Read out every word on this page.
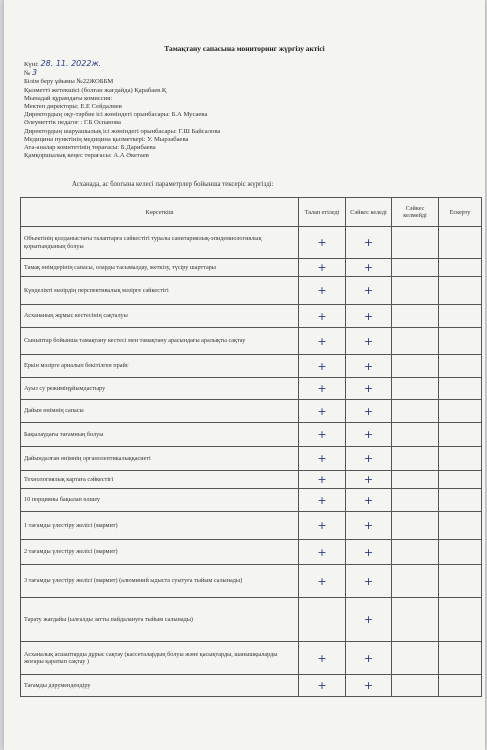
Тамақтану сапасына мониторинг жүргізу актісі
Күні: 28. 11. 2022ж.
№ 3
Білім беру ұйымы №22ЖОББМ
Қызметті жетекшісі (болған жағдайда) Қарабаев.Қ
Мынадай құрамдағы комиссия:
Мектеп директоры: Е.Е Сейдалиев
Директордың оқу-тәрбие ісі жөніндегі орынбасары: Б.А Мусаева
Әлеуметтік педагог : Г.Б Оспанова
Директордың шаруашылық ісі жөніндегі орынбасары: Г.Ш Байсалова
Медицина пунктінің медицина қызметкері: У. Мырзабаева
Ата-аналар комитетінің төрағасы: Б.Дарибаева
Қамқоршылық кеңес төрағасы: А.А Әкетаев
Асханада, ас блогына келесі параметрлер бойынша тексеріс жүргізді:
Көрсеткіш	Талап етіледі	Сәйкес келеді	Сәйкес келмейді	Ескерту
Объектінің қолданыстағы талаптарға сәйкестігі туралы санитариялық-эпидемиологиялық қорытындының болуы	+	+		
Тамақ өнімдерінің сапасы, оларды тасымалдау, жеткізу, түсіру шарттары	+	+		
Күнделікті мәзірдің перспективалық мәзірге сәйкестігі	+	+		
Асхананың жұмыс кестесінің сақталуы	+	+		
Сыныптар бойынша тамақтану кестесі мен тамақтану арасындағы аралықты сақтау	+	+		
Еркін мәзірге арналып бекітілген прайс	+	+		
Ауыз су режиміңұйымдастыру	+	+		
Дайын өнімнің сапасы	+	+		
Бақылаудағы тағамның болуы	+	+		
Дайындалған өнімнің органолептикалыққасиеті	+	+		
Технологиялық картаға сәйкестігі	+	+		
10 порцияны бақылап өлшеу	+	+		
1 тағамды үлестіру желісі (мармит)	+	+		
2 тағамды үлестіру желісі (мармит)	+	+		
3 тағамды үлестіру желісі (мармит) (алюминий ыдыста суытуға тыйым салынады)	+	+		
Тарату жағдайы (ылғалды затты пайдалануға тыйым салынады)		+		
Асханалық асшаптарды дұрыс сақтау (кассеталардың болуы және қасықтарды, шанышқыларды жоғары қаратып сақтау )	+	+		
Тағамды дәрумендендіру	+	+		
